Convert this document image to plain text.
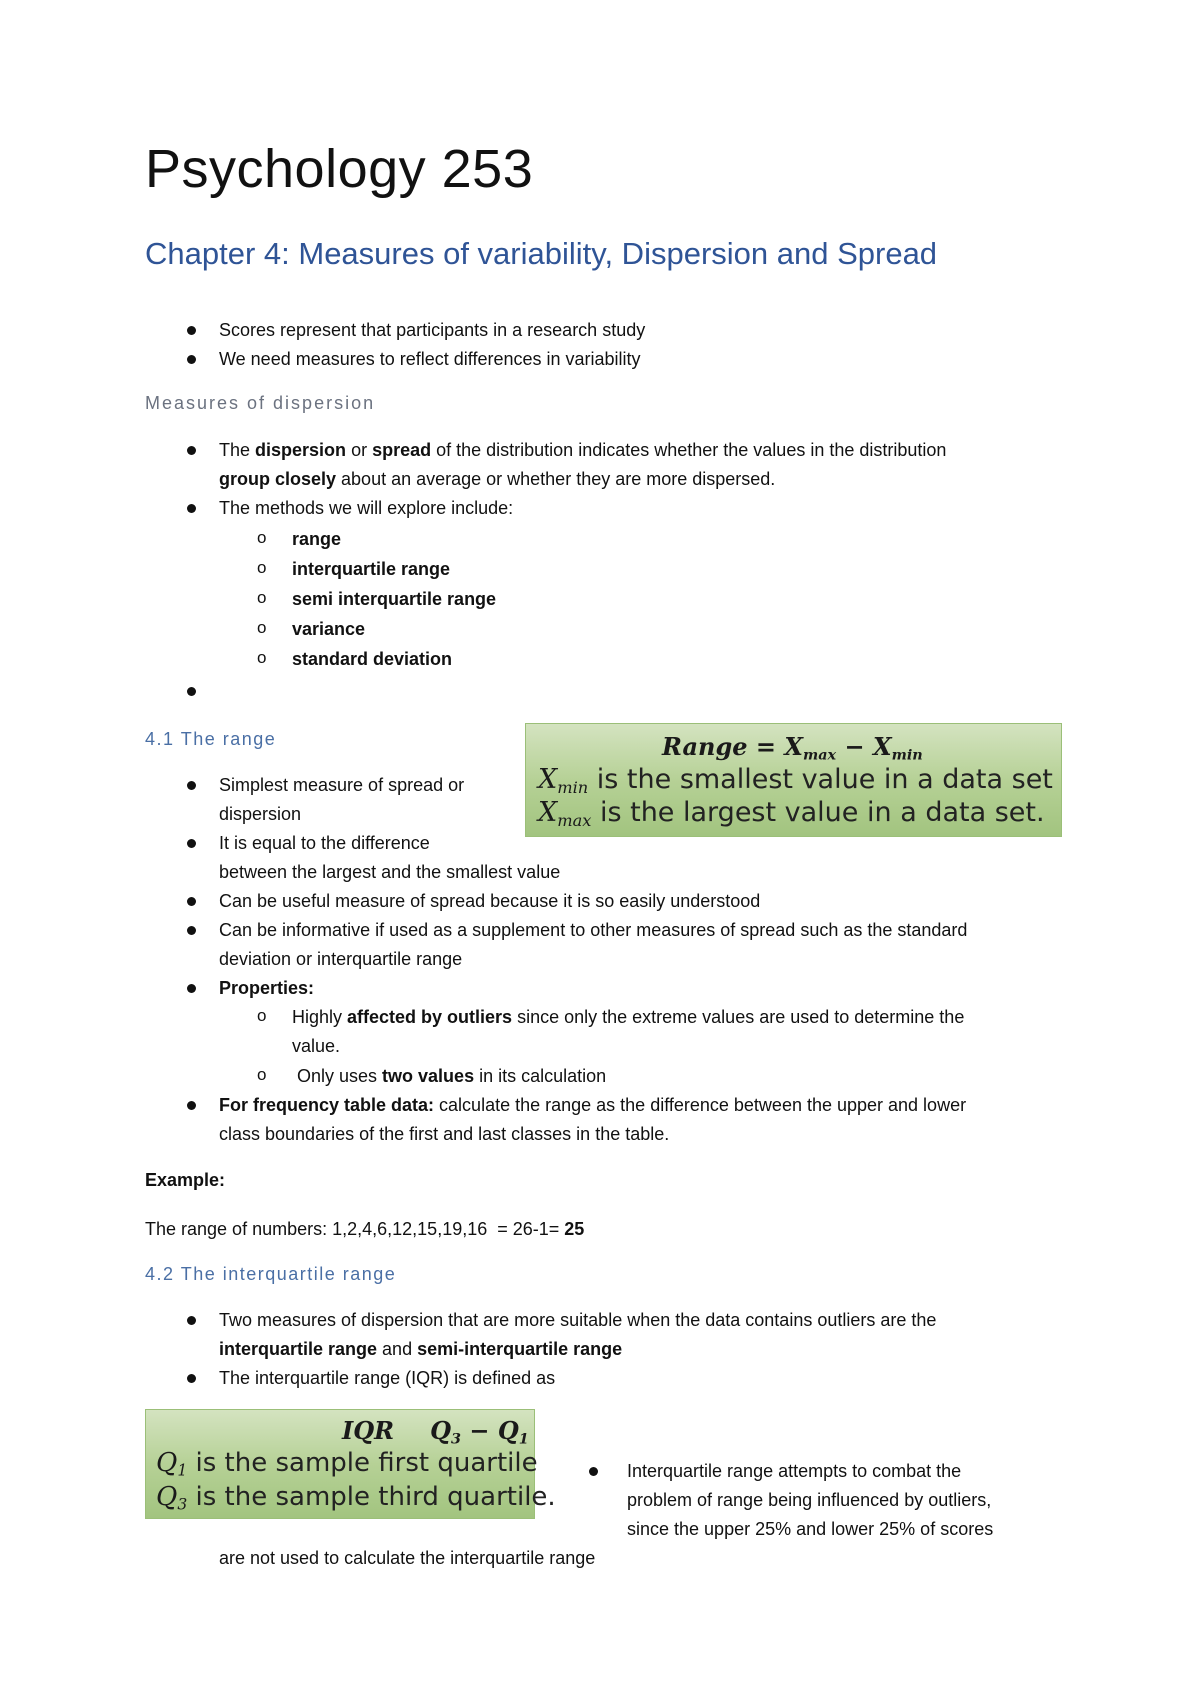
Psychology 253
Chapter 4: Measures of variability, Dispersion and Spread
Scores represent that participants in a research study
We need measures to reflect differences in variability
Measures of dispersion
The dispersion or spread of the distribution indicates whether the values in the distribution
group closely about an average or whether they are more dispersed.
The methods we will explore include:
o range
o interquartile range
o semi interquartile range
o variance
o standard deviation
4.1 The range	Range = $X_{max} - X_{min}$
$X_{min}$ is the smallest value in a data set
$X_{max}$ is the largest value in a data set.
Simplest measure of spread or
dispersion
It is equal to the difference
between the largest and the smallest value
Can be useful measure of spread because it is so easily understood
Can be informative if used as a supplement to other measures of spread such as the standard
deviation or interquartile range
Properties:
o Highly affected by outliers since only the extreme values are used to determine the
value.
o Only uses two values in its calculation
For frequency table data: calculate the range as the difference between the upper and lower
class boundaries of the first and last classes in the table.
Example:
The range of numbers: 1,2,4,6,12,15,19,16  = 26-1= 25
4.2 The interquartile range
Two measures of dispersion that are more suitable when the data contains outliers are the
interquartile range and semi-interquartile range
The interquartile range (IQR) is defined as
IQR $Q_3 - Q_1$
$Q_1$ is the sample first quartile
$Q_3$ is the sample third quartile.
Interquartile range attempts to combat the
problem of range being influenced by outliers,
since the upper 25% and lower 25% of scores
are not used to calculate the interquartile range
